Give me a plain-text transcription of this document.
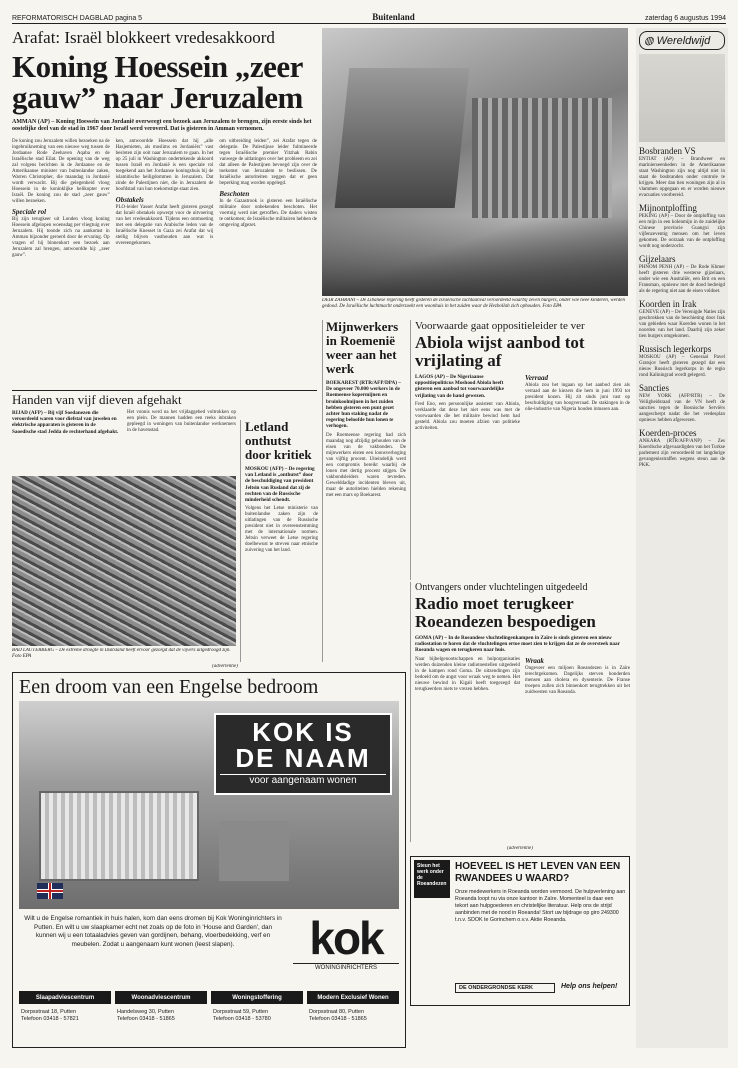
REFORMATORISCH DAGBLAD pagina 5	Buitenland	zaterdag 6 augustus 1994
Arafat: Israël blokkeert vredesakkoord
Koning Hoessein „zeer gauw” naar Jeruzalem
AMMAN (AP) – Koning Hoessein van Jordanië overweegt een bezoek aan Jeruzalem te brengen, zijn eerste sinds het oostelijke deel van de stad in 1967 door Israël werd veroverd. Dat is gisteren in Amman vernomen.
De koning zou Jeruzalem willen bezoeken na de ingebruikneming van een nieuwe weg tussen de Jordaanse Rode Zeehaven Aqaba en de Israëlische stad Eilat. De opening van de weg zal volgens berichten in de Jordaanse en de Amerikaanse minister van buitenlandse zaken, Warren Christopher, die maandag in Jordanië wordt verwacht. Bij die gelegenheid vloog Hoessein in de koninklijke helikopter over Israël. De koning zou de stad „zeer gauw” willen bezoeken.
Speciale rol
Bij zijn terugkeer uit Londen vloog koning Hoessein afgelopen woensdag per vliegtuig over Jeruzalem. Hij toonde zich na aankomst in Amman bijzonder geroerd door de ervaring. Op vragen of hij binnenkort een bezoek aan Jeruzalem zal brengen, antwoordde hij: „zeer gauw”.
ken, antwoordde Hoessein dat hij „alle Hasjemieten, als moslims en Jordaniërs” vast besloten zijn ooit naar Jeruzalem te gaan. In het op 25 juli in Washington ondertekende akkoord tussen Israël en Jordanië is een speciale rol toegekend aan het Jordaanse koningshuis bij de islamitische heiligdommen in Jeruzalem. Dat zinde de Palestijnen niet, die in Jeruzalem de hoofdstad van hun toekomstige staat zien.
Obstakels
PLO-leider Yasser Arafat heeft gisteren gezegd dat Israël obstakels opwerpt voor de uitvoering van het vredesakkoord. Tijdens een ontmoeting met een delegatie van Arabische leden van de Israëlische Knesset in Gaza zei Arafat dat wij stellig blijven vasthouden aan wat is overeengekomen.
om uitbreiding leiden”, zei Arafat tegen de delegatie. De Palestijnse leider fulmineerde tegen Israëlische premier Yitzhak Rabin vanwege de uitlatingen over het probleem en zei dat alleen de Palestijnen bevoegd zijn over de toekomst van Jeruzalem te beslissen. De Israëlische autoriteiten zeggen dat er geen beperking mag worden opgelegd.
Beschoten
In de Gazastrook is gisteren een Israëlische militaire door onbekenden beschoten. Het voertuig werd niet getroffen. De daders wisten te ontkomen; de Israëlische militairen hebben de omgeving afgezet.
DEIR ZAHRANI – De Libanese regering heeft gisteren de Israëlische luchtaanval veroordeeld waarbij zeven burgers, onder wie twee kinderen, werden gedood. De Israëlische luchtmacht onderzoekt een woonhuis in het zuiden waar de Hezbollah zich ophouden. Foto EPA
◍ Wereldwijd
Bosbranden VS
ENTIAT (AP) – Brandweer en marinierseenheden in de Amerikaanse staat Washington zijn nog altijd niet in staat de bosbranden onder controle te krijgen. Meer dan tien woningen zijn al in vlammen opgegaan en er worden nieuwe evacuaties voorbereid.
Mijnontploffing
PEKING (AP) – Door de ontploffing van een mijn in een kolenmijn in de zuidelijke Chinese provincie Guangxi zijn vijfenzeventig mensen om het leven gekomen. De oorzaak van de ontploffing wordt nog onderzocht.
Gijzelaars
PHNOM PENH (AP) – De Rode Khmer heeft gisteren drie westerse gijzelaars, onder wie een Australiër, een Brit en een Fransman, opnieuw met de dood bedreigd als de regering niet aan de eisen voldoet.
Koorden in Irak
GENEVE (AP) – De Verenigde Naties zijn geschrokken van de beschieting door Irak van gebieden waar Koerden wonen in het noorden van het land. Daarbij zijn zeker tien burgers omgekomen.
Russisch legerkorps
MOSKOU (AP) – Generaal Pavel Gratsjov heeft gisteren gezegd dat een nieuw Russisch legerkorps in de regio rond Kaliningrad wordt gelegerd.
Sancties
NEW YORK (AFP/RTR) – De Veiligheidsraad van de VN heeft de sancties tegen de Bosnische Serviërs aangescherpt nadat die het vredesplan opnieuw hebben afgewezen.
Koerden-proces
ANKARA (RTR/AFP/ANP) – Zes Koerdische afgevaardigden van het Turkse parlement zijn veroordeeld tot langdurige gevangenisstraffen wegens steun aan de PKK.
Handen van vijf dieven afgehakt
RIJAD (AFP) – Bij vijf Soedanezen die veroordeeld waren voor diefstal van juwelen en elektrische apparaten is gisteren in de Saoedische stad Jedda de rechterhand afgehakt.
Het vonnis werd na het vrijdaggebed voltrokken op een plein. De mannen hadden een reeks inbraken gepleegd in woningen van buitenlandse werknemers in de havenstad.	Letland onthutst door kritiek
MOSKOU (AFP) – De regering van Letland is „onthutst” door de beschuldiging van president Jeltsin van Rusland dat zij de rechten van de Russische minderheid schendt.
Volgens het Letse ministerie van buitenlandse zaken zijn de uitlatingen van de Russische president niet in overeenstemming met de internationale normen. Jeltsin verweet de Letse regering doelbewust te streven naar etnische zuivering van het land.
BAD LAUTERBERG – De extreme droogte in Duitsland heeft ervoor gezorgd dat de vijvers uitgedroogd zijn. Foto EPA
Mijnwerkers in Roemenië weer aan het werk
BOEKAREST (RTR/AFP/DPA) – De ongeveer 70.000 werkers in de Roemeense kopermijnen en bruinkoolmijnen in het zuiden hebben gisteren een punt gezet achter hun staking nadat de regering beloofde hun lonen te verhogen.
De Roemeense regering had zich maandag nog afzijdig gehouden van de eisen van de vakbonden. De mijnwerkers eisten een loonsverhoging van vijftig procent. Uiteindelijk werd een compromis bereikt waarbij de lonen met dertig procent stijgen. De vakbondsleiders waren tevreden. Gewelddadige incidenten bleven uit, maar de autoriteiten hielden rekening met een mars op Boekarest.
Voorwaarde gaat oppositieleider te ver
Abiola wijst aanbod tot vrijlating af
LAGOS (AP) – De Nigeriaanse oppositiepoliticus Moshood Abiola heeft gisteren een aanbod tot voorwaardelijke vrijlating van de hand gewezen.
Fred Eno, een persoonlijke assistent van Abiola, verklaarde dat deze het niet eens was met de voorwaarden die het militaire bewind hem had gesteld. Abiola zou moeten afzien van politieke activiteiten.
Verraad
Abiola zou het ingaan op het aanbod zien als verraad aan de kiezers die hem in juni 1993 tot president kozen. Hij zit sinds juni vast op beschuldiging van hoogverraad. De stakingen in de olie-industrie van Nigeria houden intussen aan.
Ontvangers onder vluchtelingen uitgedeeld
Radio moet terugkeer Roeandezen bespoedigen
GOMA (AP) – In de Roeandese vluchtelingenkampen in Zaïre is sinds gisteren een nieuw radiostation te horen dat de vluchtelingen ertoe moet zien te krijgen dat ze de oversteek naar Roeanda wagen en terugkeren naar huis.
Naar bijbelgenootschappen en hulporganisaties werden duizenden kleine radiotoestellen uitgedeeld in de kampen rond Goma. De uitzendingen zijn bedoeld om de angst voor wraak weg te nemen. Het nieuwe bewind in Kigali heeft toegezegd dat terugkeerders niets te vrezen hebben.
Wraak
Ongeveer een miljoen Roeandezen is in Zaïre terechtgekomen. Dagelijks sterven honderden mensen aan cholera en dysenterie. De Franse troepen zullen zich binnenkort terugtrekken uit het zuidwesten van Roeanda.
(advertentie)
Een droom van een Engelse bedroom
KOK IS
DE NAAM
voor aangenaam wonen
Wilt u de Engelse romantiek in huis halen, kom dan eens dromen bij Kok Woninginrichters in Putten. En wilt u uw slaapkamer echt net zoals op de foto in 'House and Garden', dan kunnen wij u een totaaladvies geven van gordijnen, behang, vloerbedekking, verf en meubelen. Zodat u aangenaam kunt wonen (leest slapen).	kok
WONINGINRICHTERS
Slaapadviescentrum	Woonadviescentrum	Woningstoffering	Modern Exclusief Wonen
Dorpsstraat 18, Putten
Telefoon 03418 - 57821
Handelsweg 30, Putten
Telefoon 03418 - 51865
Dorpsstraat 59, Putten
Telefoon 03418 - 53780
Dorpsstraat 80, Putten
Telefoon 03418 - 51865
(advertentie)
Steun het werk onder de Roeandezen
HOEVEEL IS HET LEVEN VAN EEN RWANDEES U WAARD?
Onze medewerkers in Roeanda worden vermoord. De hulpverlening aan Roeanda loopt nu via onze kantoor in Zaïre. Momenteel is daar een tekort aan hulpgoederen en christelijke literatuur. Help ons de strijd aanbinden met de nood in Roeanda! Stort uw bijdrage op giro 249300 t.n.v. SDOK te Gorinchem o.v.v. Aktie Roeanda.
DE ONDERGRONDSE KERK	Help ons helpen!
